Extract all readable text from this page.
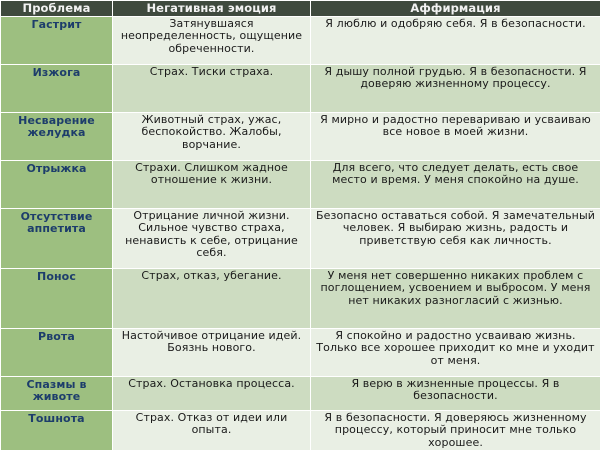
Проблема	Негативная эмоция	Аффирмация
Гастрит	Затянувшаяся неопределенность, ощущение обреченности.	Я люблю и одобряю себя. Я в безопасности.
Изжога	Страх. Тиски страха.	Я дышу полной грудью. Я в безопасности. Я доверяю жизненному процессу.
Несварение желудка	Животный страх, ужас, беспокойство. Жалобы, ворчание.	Я мирно и радостно перевариваю и усваиваю все новое в моей жизни.
Отрыжка	Страхи. Слишком жадное отношение к жизни.	Для всего, что следует делать, есть свое место и время. У меня спокойно на душе.
Отсутствие аппетита	Отрицание личной жизни. Сильное чувство страха, ненависть к себе, отрицание себя.	Безопасно оставаться собой. Я замечательный человек. Я выбираю жизнь, радость и приветствую себя как личность.
Понос	Страх, отказ, убегание.	У меня нет совершенно никаких проблем с поглощением, усвоением и выбросом. У меня нет никаких разногласий с жизнью.
Рвота	Настойчивое отрицание идей. Боязнь нового.	Я спокойно и радостно усваиваю жизнь. Только все хорошее приходит ко мне и уходит от меня.
Спазмы в животе	Страх. Остановка процесса.	Я верю в жизненные процессы. Я в безопасности.
Тошнота	Страх. Отказ от идеи или опыта.	Я в безопасности. Я доверяюсь жизненному процессу, который приносит мне только хорошее.
